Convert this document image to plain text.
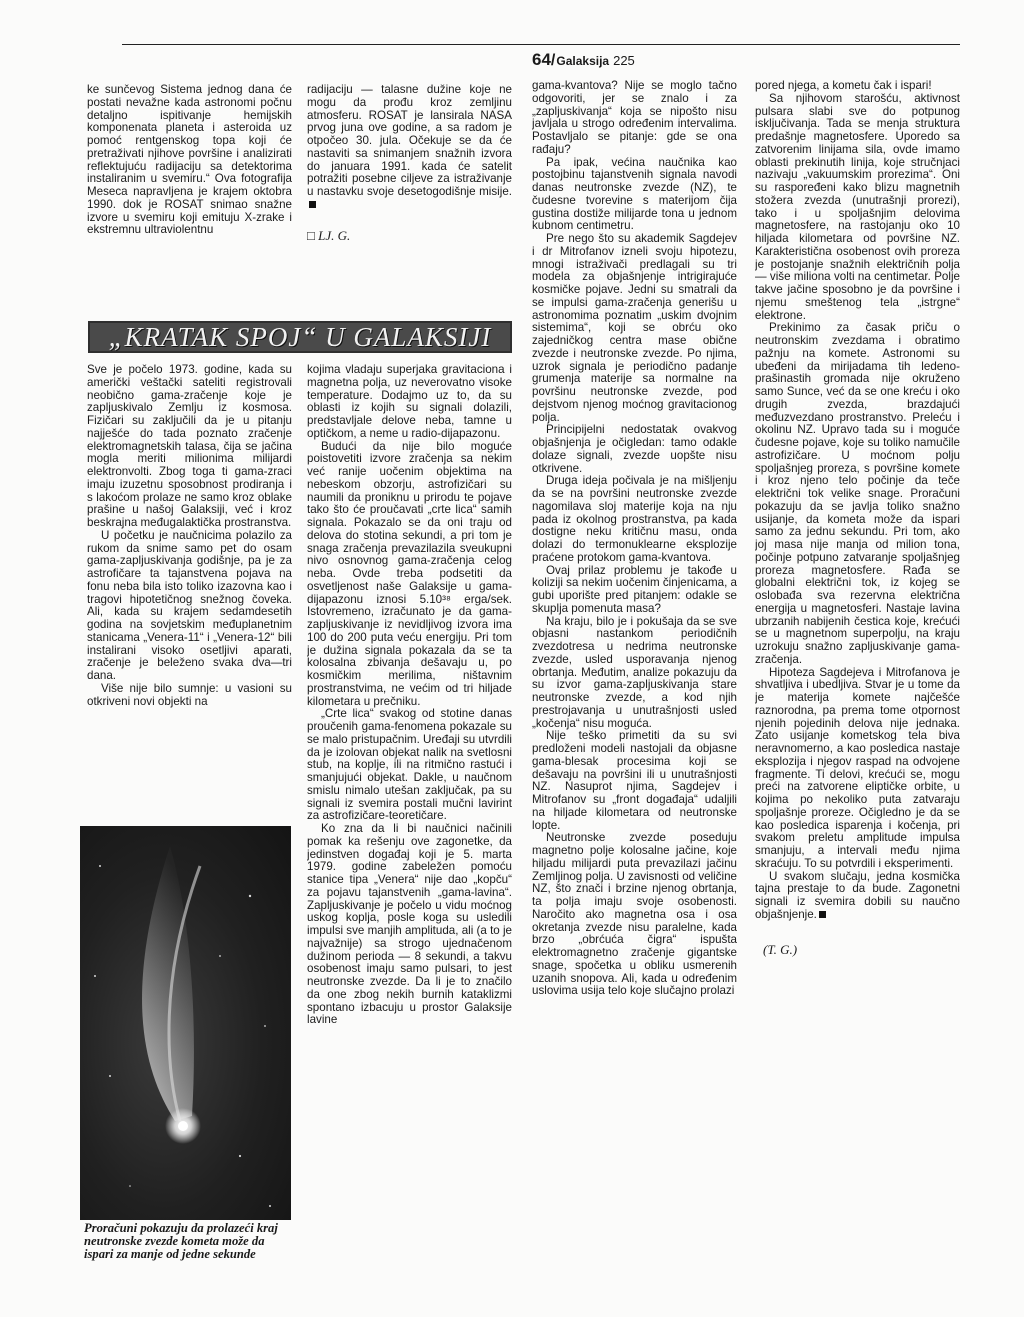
64/Galaksija 225

ke sunčevog Sistema jednog dana će postati nevažne kada astronomi počnu detaljno ispitivanje hemijskih komponenata planeta i asteroida uz pomoć rentgenskog topa koji će pretraživati njihove površine i analizirati reflektujuću radijaciju sa detektorima instaliranim u svemiru.“ Ova fotografija Meseca napravljena je krajem oktobra 1990. dok je ROSAT snimao snažne izvore u svemiru koji emituju X-zrake i ekstremnu ultraviolentnu

radijaciju — talasne dužine koje ne mogu da prođu kroz zemljinu atmosferu. ROSAT je lansirala NASA prvog juna ove godine, a sa radom je otpočeo 30. jula. Očekuje se da će nastaviti sa snimanjem snažnih izvora do januara 1991. kada će satelit potražiti posebne ciljeve za istraživanje u nastavku svoje desetogodišnje misije.

□ LJ. G.

„KRATAK SPOJ“ U GALAKSIJI

Sve je počelo 1973. godine, kada su američki veštački sateliti registrovali neobično gama-zračenje koje je zapljuskivalo Zemlju iz kosmosa. Fizičari su zaključili da je u pitanju najješće do tada poznato zračenje elektromagnetskih talasa, čija se jačina mogla meriti milionima milijardi elektronvolti. Zbog toga ti gama-zraci imaju izuzetnu sposobnost prodiranja i s lakoćom prolaze ne samo kroz oblake prašine u našoj Galaksiji, već i kroz beskrajna međugalaktička prostranstva.

U početku je naučnicima polazilo za rukom da snime samo pet do osam gama-zapljuskivanja godišnje, pa je za astrofičare ta tajanstvena pojava na fonu neba bila isto toliko izazovna kao i tragovi hipotetičnog snežnog čoveka. Ali, kada su krajem sedamdesetih godina na sovjetskim međuplanetnim stanicama „Venera-11“ i „Venera-12“ bili instalirani visoko osetljivi aparati, zračenje je beleženo svaka dva—tri dana.

Više nije bilo sumnje: u vasioni su otkriveni novi objekti na

Proračuni pokazuju da prolazeći kraj neutronske zvezde kometa može da ispari za manje od jedne sekunde

kojima vladaju superjaka gravitaciona i magnetna polja, uz neverovatno visoke temperature. Dodajmo uz to, da su oblasti iz kojih su signali dolazili, predstavljale delove neba, tamne u optičkom, a neme u radio-dijapazonu.

Budući da nije bilo moguće poistovetiti izvore zračenja sa nekim već ranije uočenim objektima na nebeskom obzorju, astrofizičari su naumili da proniknu u prirodu te pojave tako što će proučavati „crte lica“ samih signala. Pokazalo se da oni traju od delova do stotina sekundi, a pri tom je snaga zračenja prevazilazila sveukupni nivo osnovnog gama-zračenja celog neba. Ovde treba podsetiti da osvetljenost naše Galaksije u gama-dijapazonu iznosi 5.10³⁸ erga/sek. Istovremeno, izračunato je da gama-zapljuskivanje iz nevidljivog izvora ima 100 do 200 puta veću energiju. Pri tom je dužina signala pokazala da se ta kolosalna zbivanja dešavaju u, po kosmičkim merilima, ništavnim prostranstvima, ne većim od tri hiljade kilometara u prečniku.

„Crte lica“ svakog od stotine danas proučenih gama-fenomena pokazale su se malo pristupačnim. Uređaji su utvrdili da je izolovan objekat nalik na svetlosni stub, na koplje, ili na ritmično rastući i smanjujući objekat. Dakle, u naučnom smislu nimalo utešan zaključak, pa su signali iz svemira postali mučni lavirint za astrofizičare-teoretičare.

Ko zna da li bi naučnici načinili pomak ka rešenju ove zagonetke, da jedinstven događaj koji je 5. marta 1979. godine zabeležen pomoću stanice tipa „Venera“ nije dao „kopču“ za pojavu tajanstvenih „gama-lavina“. Zapljuskivanje je počelo u vidu moćnog uskog koplja, posle koga su usledili impulsi sve manjih amplituda, ali (a to je najvažnije) sa strogo ujednačenom dužinom perioda — 8 sekundi, a takvu osobenost imaju samo pulsari, to jest neutronske zvezde. Da li je to značilo da one zbog nekih burnih kataklizmi spontano izbacuju u prostor Galaksije lavine

gama-kvantova? Nije se moglo tačno odgovoriti, jer se znalo i za „zapljuskivanja“ koja se nipošto nisu javljala u strogo određenim intervalima. Postavljalo se pitanje: gde se ona rađaju?

Pa ipak, većina naučnika kao postojbinu tajanstvenih signala navodi danas neutronske zvezde (NZ), te čudesne tvorevine s materijom čija gustina dostiže milijarde tona u jednom kubnom centimetru.

Pre nego što su akademik Sagdejev i dr Mitrofanov izneli svoju hipotezu, mnogi istraživači predlagali su tri modela za objašnjenje intrigirajuće kosmičke pojave. Jedni su smatrali da se impulsi gama-zračenja generišu u astronomima poznatim „uskim dvojnim sistemima“, koji se obrću oko zajedničkog centra mase obične zvezde i neutronske zvezde. Po njima, uzrok signala je periodično padanje grumenja materije sa normalne na površinu neutronske zvezde, pod dejstvom njenog moćnog gravitacionog polja.

Principijelni nedostatak ovakvog objašnjenja je očigledan: tamo odakle dolaze signali, zvezde uopšte nisu otkrivene.

Druga ideja počivala je na mišljenju da se na površini neutronske zvezde nagomilava sloj materije koja na nju pada iz okolnog prostranstva, pa kada dostigne neku kritičnu masu, onda dolazi do termonuklearne eksplozije praćene protokom gama-kvantova.

Ovaj prilaz problemu je takođe u koliziji sa nekim uočenim činjenicama, a gubi uporište pred pitanjem: odakle se skuplja pomenuta masa?

Na kraju, bilo je i pokušaja da se sve objasni nastankom periodičnih zvezdotresa u nedrima neutronske zvezde, usled usporavanja njenog obrtanja. Međutim, analize pokazuju da su izvor gama-zapljuskivanja stare neutronske zvezde, a kod njih prestrojavanja u unutrašnjosti usled „kočenja“ nisu moguća.

Nije teško primetiti da su svi predloženi modeli nastojali da objasne gama-blesak procesima koji se dešavaju na površini ili u unutrašnjosti NZ. Nasuprot njima, Sagdejev i Mitrofanov su „front događaja“ udaljili na hiljade kilometara od neutronske lopte.

Neutronske zvezde poseduju magnetno polje kolosalne jačine, koje hiljadu milijardi puta prevazilazi jačinu Zemljinog polja. U zavisnosti od veličine NZ, što znači i brzine njenog obrtanja, ta polja imaju svoje osobenosti. Naročito ako magnetna osa i osa okretanja zvezde nisu paralelne, kada brzo „obrćuća čigra“ ispušta elektromagnetno zračenje gigantske snage, spočetka u obliku usmerenih uzanih snopova. Ali, kada u određenim uslovima usija telo koje slučajno prolazi

pored njega, a kometu čak i ispari!

Sa njihovom starošću, aktivnost pulsara slabi sve do potpunog isključivanja. Tada se menja struktura predašnje magnetosfere. Uporedo sa zatvorenim linijama sila, ovde imamo oblasti prekinutih linija, koje stručnjaci nazivaju „vakuumskim prorezima“. Oni su raspoređeni kako blizu magnetnih stožera zvezda (unutrašnji prorezi), tako i u spoljašnjim delovima magnetosfere, na rastojanju oko 10 hiljada kilometara od površine NZ. Karakteristična osobenost ovih proreza je postojanje snažnih električnih polja — više miliona volti na centimetar. Polje takve jačine sposobno je da površine i njemu smeštenog tela „istrgne“ elektrone.

Prekinimo za časak priču o neutronskim zvezdama i obratimo pažnju na komete. Astronomi su ubeđeni da mirijadama tih ledeno-prašinastih gromada nije okruženo samo Sunce, već da se one kreću i oko drugih zvezda, brazdajući međuzvezdano prostranstvo. Preleću i okolinu NZ. Upravo tada su i moguće čudesne pojave, koje su toliko namučile astrofizičare. U moćnom polju spoljašnjeg proreza, s površine komete i kroz njeno telo počinje da teče električni tok velike snage. Proračuni pokazuju da se javlja toliko snažno usijanje, da kometa može da ispari samo za jednu sekundu. Pri tom, ako joj masa nije manja od milion tona, počinje potpuno zatvaranje spoljašnjeg proreza magnetosfere. Rađa se globalni električni tok, iz kojeg se oslobađa sva rezervna električna energija u magnetosferi. Nastaje lavina ubrzanih nabijenih čestica koje, krećući se u magnetnom superpolju, na kraju uzrokuju snažno zapljuskivanje gama-zračenja.

Hipoteza Sagdejeva i Mitrofanova je shvatljiva i ubedljiva. Stvar je u tome da je materija komete najčešće raznorodna, pa prema tome otpornost njenih pojedinih delova nije jednaka. Zato usijanje kometskog tela biva neravnomerno, a kao posledica nastaje eksplozija i njegov raspad na odvojene fragmente. Ti delovi, krećući se, mogu preći na zatvorene eliptičke orbite, u kojima po nekoliko puta zatvaraju spoljašnje proreze. Očigledno je da se kao posledica isparenja i kočenja, pri svakom preletu amplitude impulsa smanjuju, a intervali među njima skraćuju. To su potvrdili i eksperimenti.

U svakom slučaju, jedna kosmička tajna prestaje to da bude. Zagonetni signali iz svemira dobili su naučno objašnjenje.

(T. G.)
